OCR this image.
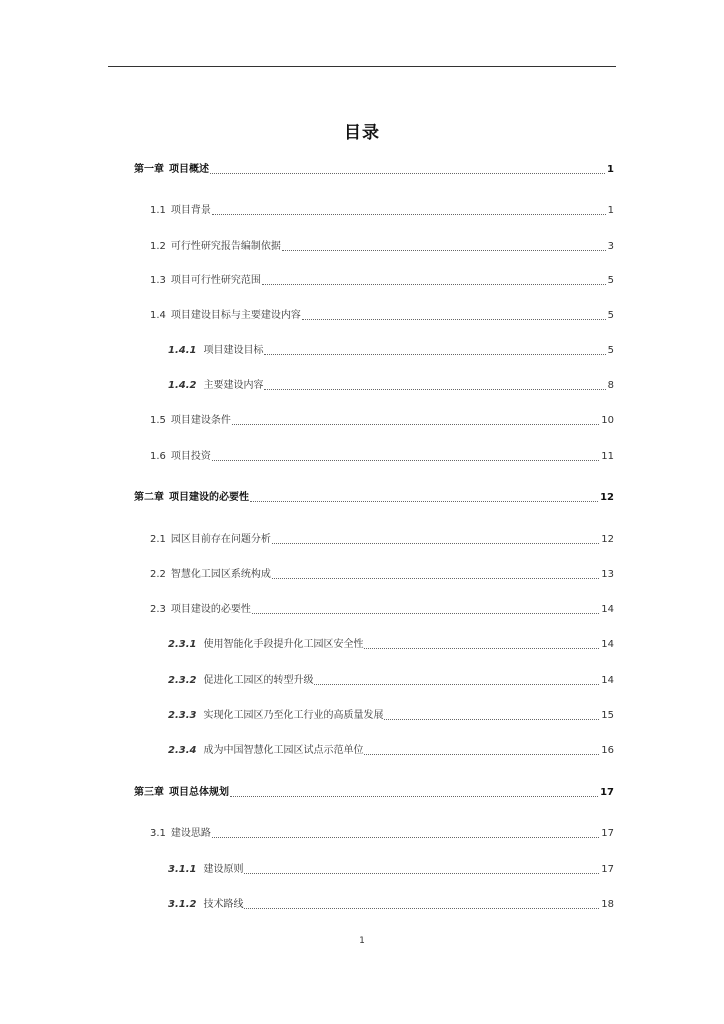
目录
第一章 项目概述	1
1.1 项目背景	1
1.2 可行性研究报告编制依据	3
1.3 项目可行性研究范围	5
1.4 项目建设目标与主要建设内容	5
1.4.1 项目建设目标	5
1.4.2 主要建设内容	8
1.5 项目建设条件	10
1.6 项目投资	11
第二章 项目建设的必要性	12
2.1 园区目前存在问题分析	12
2.2 智慧化工园区系统构成	13
2.3 项目建设的必要性	14
2.3.1 使用智能化手段提升化工园区安全性	14
2.3.2 促进化工园区的转型升级	14
2.3.3 实现化工园区乃至化工行业的高质量发展	15
2.3.4 成为中国智慧化工园区试点示范单位	16
第三章 项目总体规划	17
3.1 建设思路	17
3.1.1 建设原则	17
3.1.2 技术路线	18
1
